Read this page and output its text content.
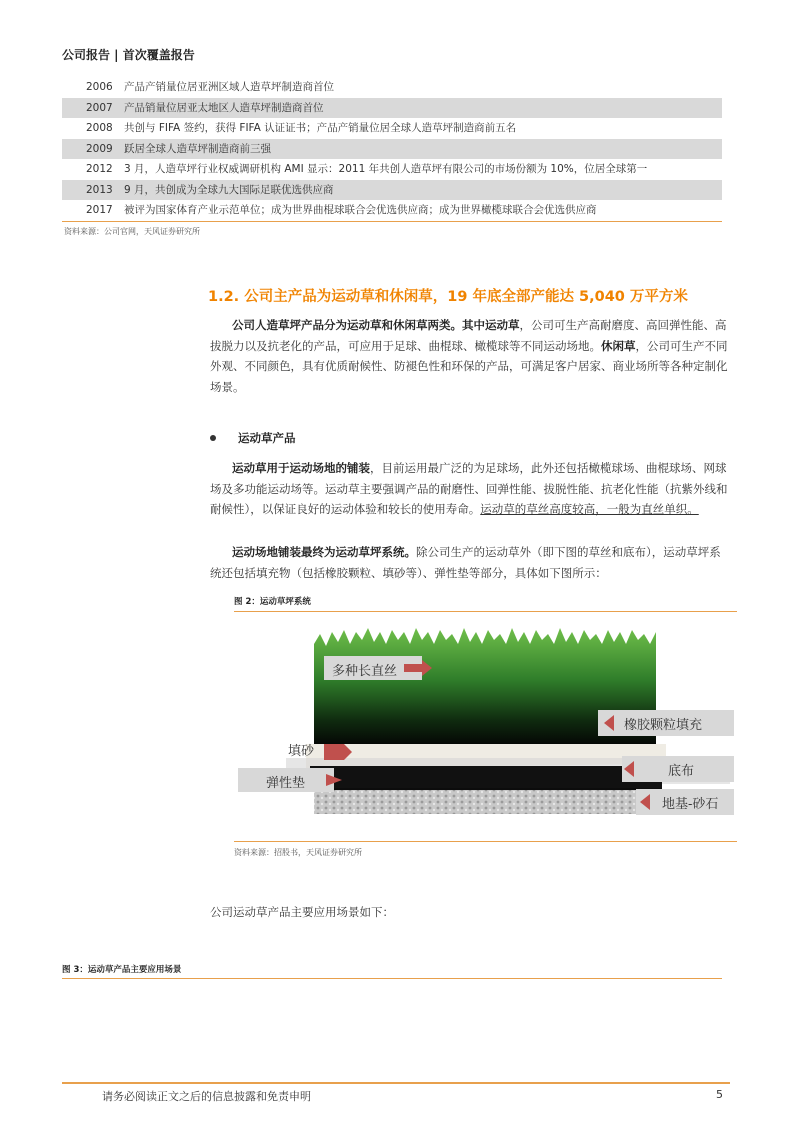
公司报告 | 首次覆盖报告
2006	产品产销量位居亚洲区域人造草坪制造商首位
2007	产品销量位居亚太地区人造草坪制造商首位
2008	共创与 FIFA 签约，获得 FIFA 认证证书；产品产销量位居全球人造草坪制造商前五名
2009	跃居全球人造草坪制造商前三强
2012	3 月，人造草坪行业权威调研机构 AMI 显示：2011 年共创人造草坪有限公司的市场份额为 10%，位居全球第一
2013	9 月，共创成为全球九大国际足联优选供应商
2017	被评为国家体育产业示范单位；成为世界曲棍球联合会优选供应商；成为世界橄榄球联合会优选供应商
资料来源：公司官网，天风证券研究所
1.2. 公司主产品为运动草和休闲草，19 年底全部产能达 5,040 万平方米
公司人造草坪产品分为运动草和休闲草两类。其中运动草，公司可生产高耐磨度、高回弹性能、高拔脱力以及抗老化的产品，可应用于足球、曲棍球、橄榄球等不同运动场地。休闲草，公司可生产不同外观、不同颜色，具有优质耐候性、防褪色性和环保的产品，可满足客户居家、商业场所等各种定制化场景。
运动草产品
运动草用于运动场地的铺装，目前运用最广泛的为足球场，此外还包括橄榄球场、曲棍球场、网球场及多功能运动场等。运动草主要强调产品的耐磨性、回弹性能、拔脱性能、抗老化性能（抗紫外线和耐候性），以保证良好的运动体验和较长的使用寿命。运动草的草丝高度较高，一般为直丝单织。
运动场地铺装最终为运动草坪系统。除公司生产的运动草外（即下图的草丝和底布），运动草坪系统还包括填充物（包括橡胶颗粒、填砂等）、弹性垫等部分，具体如下图所示：
图 2：运动草坪系统
多种长直丝
橡胶颗粒填充
填砂
弹性垫
底布
地基-砂石
资料来源：招股书，天风证券研究所
公司运动草产品主要应用场景如下：
图 3：运动草产品主要应用场景
请务必阅读正文之后的信息披露和免责申明	5
